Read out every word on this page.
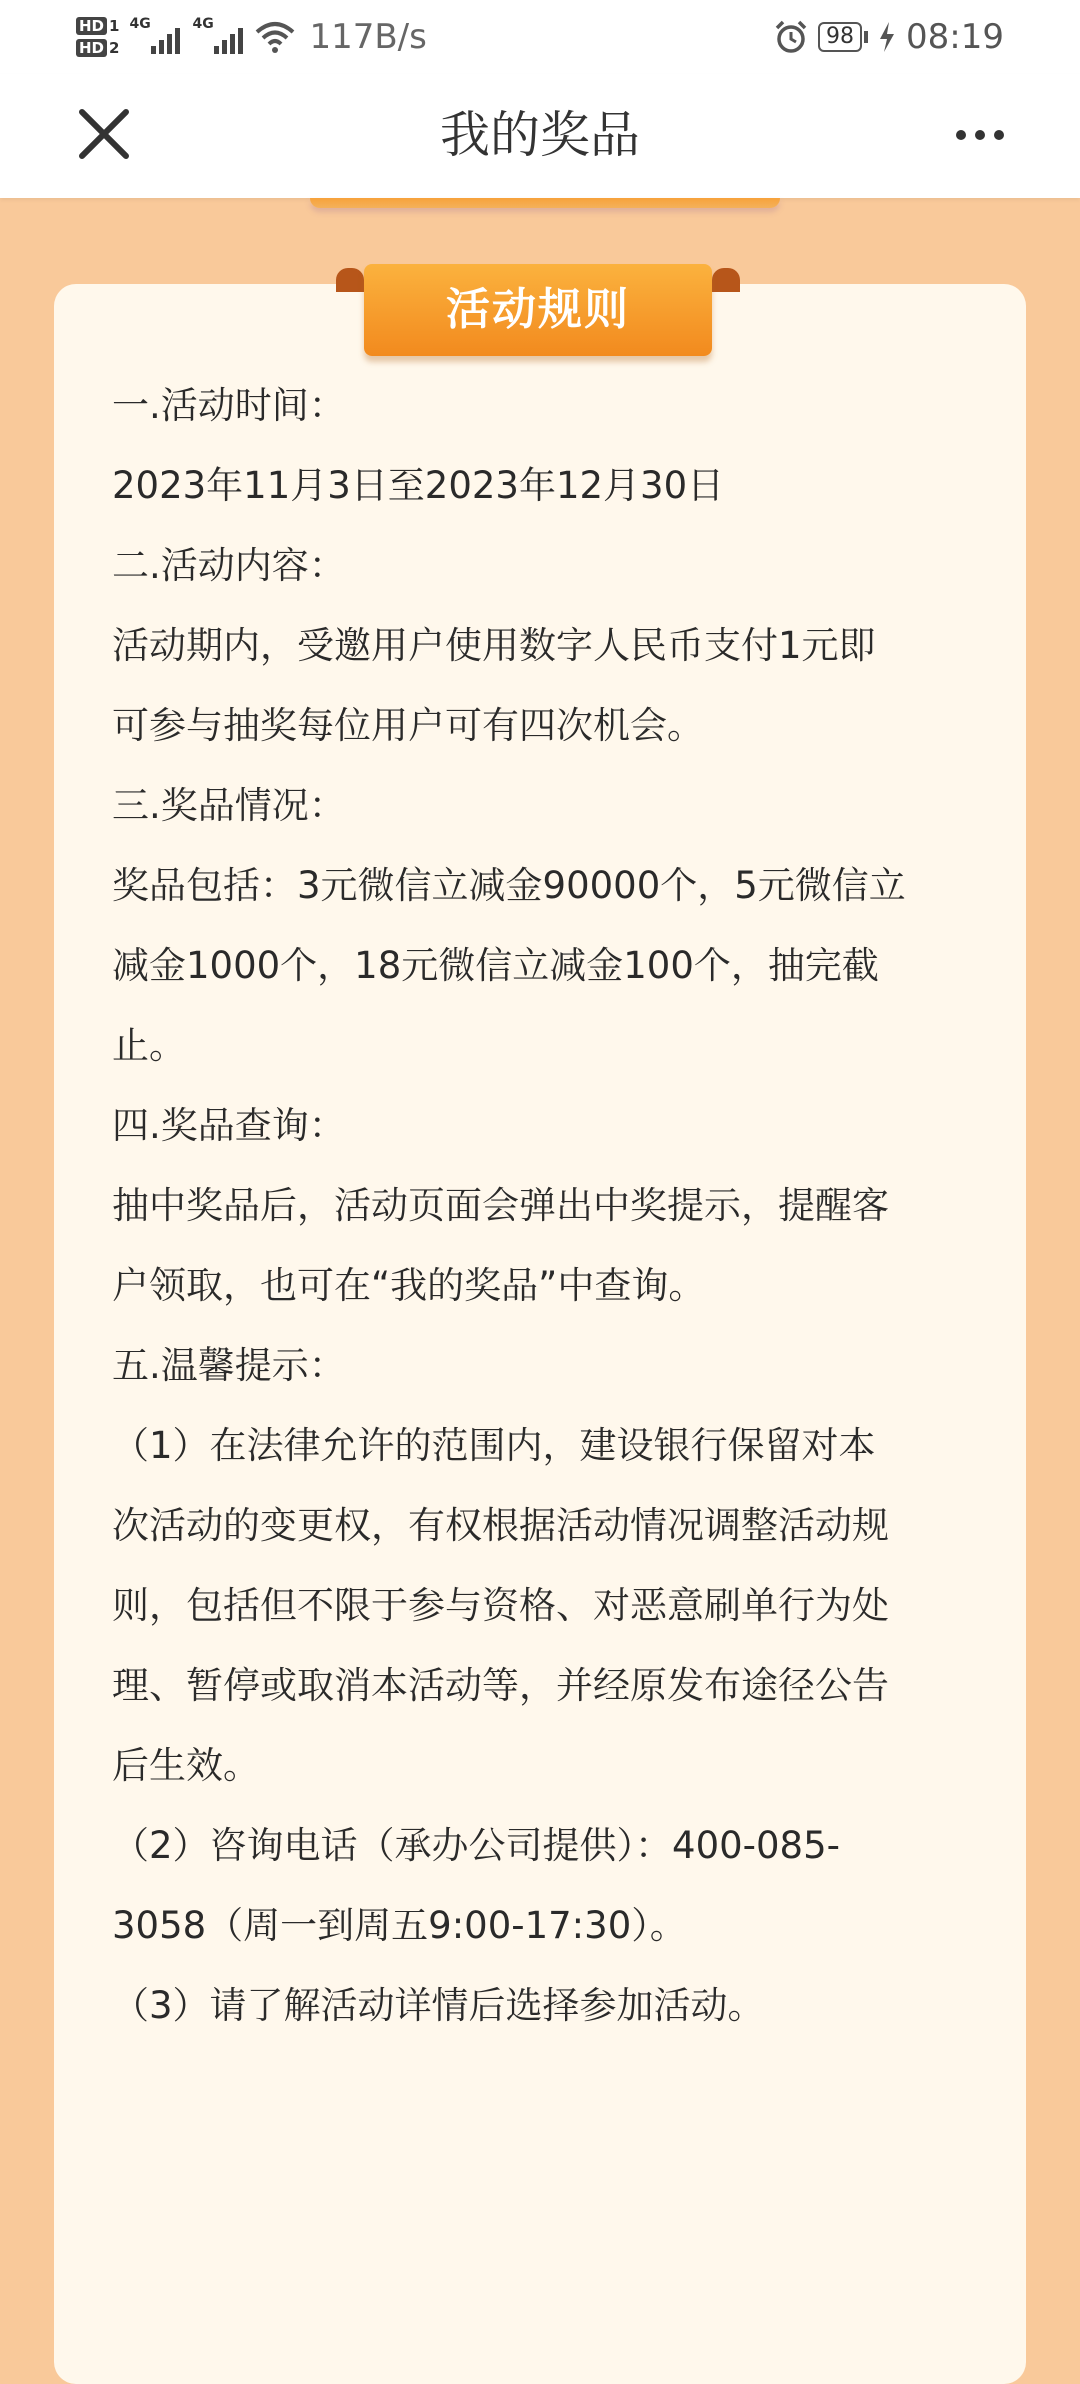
HD 1
HD 2
4G	4G	117B/s	98 08:19
我的奖品
活动规则

一.活动时间：

2023年11月3日至2023年12月30日

二.活动内容：

活动期内，受邀用户使用数字人民币支付1元即

可参与抽奖每位用户可有四次机会。

三.奖品情况：

奖品包括：3元微信立减金90000个，5元微信立

减金1000个，18元微信立减金100个，抽完截

止。

四.奖品查询：

抽中奖品后，活动页面会弹出中奖提示，提醒客

户领取，也可在“我的奖品”中查询。

五.温馨提示：

（1）在法律允许的范围内，建设银行保留对本

次活动的变更权，有权根据活动情况调整活动规

则，包括但不限于参与资格、对恶意刷单行为处

理、暂停或取消本活动等，并经原发布途径公告

后生效。

（2）咨询电话（承办公司提供）：400-085-

3058（周一到周五9:00-17:30）。

（3）请了解活动详情后选择参加活动。
